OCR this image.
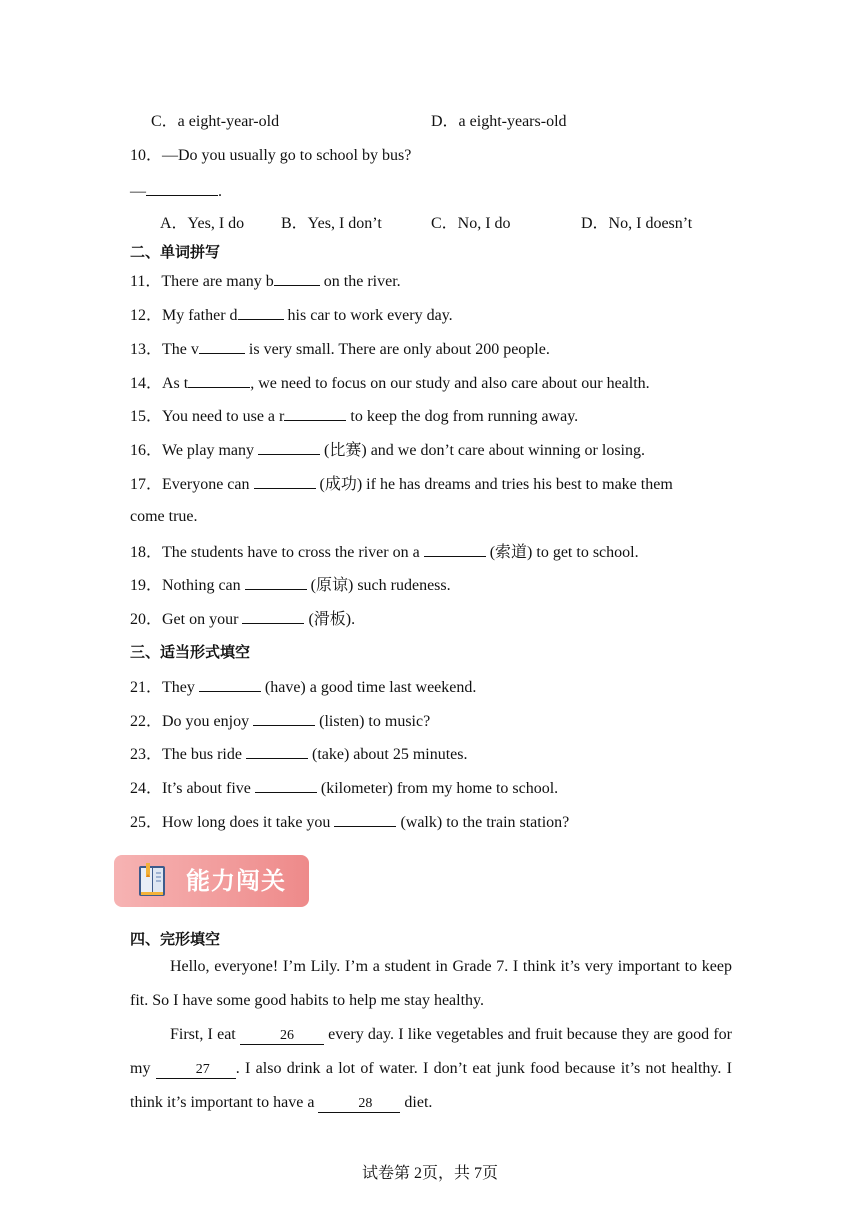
C．a eight-year-old	D．a eight-years-old
10．—Do you usually go to school by bus?
—	.
A．Yes, I do B．Yes, I don’t	C．No, I do	D．No, I doesn’t
二、单词拼写
11．There are many b	on the river.
12．My father d	his car to work every day.
13．The v	is very small. There are only about 200 people.
14．As t	, we need to focus on our study and also care about our health.
15．You need to use a r	to keep the dog from running away.
16．We play many	(比赛) and we don’t care about winning or losing.
17．Everyone can	(成功) if he has dreams and tries his best to make them
come true.
18．The students have to cross the river on a	(索道) to get to school.
19．Nothing can	(原谅) such rudeness.
20．Get on your	(滑板).
三、适当形式填空
21．They	(have) a good time last weekend.
22．Do you enjoy	(listen) to music?
23．The bus ride	(take) about 25 minutes.
24．It’s about five	(kilometer) from my home to school.
25．How long does it take you	(walk) to the train station?
能力闯关
四、完形填空
Hello, everyone! I’m Lily. I’m a student in Grade 7. I think it’s very important to keep fit. So I have some good habits to help me stay healthy.
First, I eat	26 every day. I like vegetables and fruit because they are good for my	27 . I also drink a lot of water. I don’t eat junk food because it’s not healthy. I think it’s important to have a	28 diet.
试卷第 2页，共 7页
